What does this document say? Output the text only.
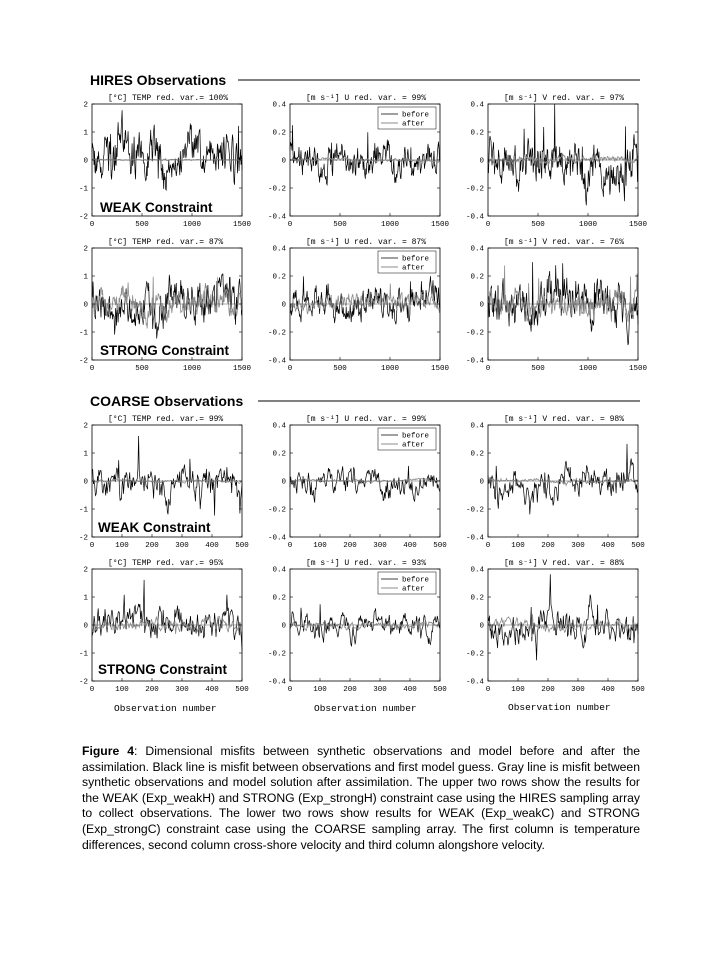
HIRES Observations
COARSE Observations
[°C] TEMP red. var.= 100%
2
1
0
-1
-2
0	500	1000	1500
[m s⁻¹] U red. var. = 99%
0.4
0.2
0
-0.2
-0.4
0	500	1000	1500
before
after
[m s⁻¹] V red. var. = 97%
0.4
0.2
0
-0.2
-0.4
0	500	1000	1500
[°C] TEMP red. var.= 87%
2
1
0
-1
-2
0	500	1000	1500
[m s⁻¹] U red. var. = 87%
0.4
0.2
0
-0.2
-0.4
0	500	1000	1500
before
after
[m s⁻¹] V red. var. = 76%
0.4
0.2
0
-0.2
-0.4
0	500	1000	1500
[°C] TEMP red. var.= 99%
2
1
0
-1
-2
0	100 200 300 400 500
[m s⁻¹] U red. var. = 99%
0.4
0.2
0
-0.2
-0.4
0	100 200 300 400 500
before
after
[m s⁻¹] V red. var. = 98%
0.4
0.2
0
-0.2
-0.4
0	100 200 300 400 500
[°C] TEMP red. var.= 95%
2
1
0
-1
-2
0	100 200 300 400 500
[m s⁻¹] U red. var. = 93%
0.4
0.2
0
-0.2
-0.4
0	100 200 300 400 500
before
after
[m s⁻¹] V red. var. = 88%
0.4
0.2
0
-0.2
-0.4
0	100 200 300 400 500
WEAK Constraint
STRONG Constraint
WEAK Constraint
STRONG Constraint
Observation number	Observation number	Observation number

Figure 4: Dimensional misfits between synthetic observations and model before and after the assimilation. Black line is misfit between observations and first model guess. Gray line is misfit between synthetic observations and model solution after assimilation. The upper two rows show the results for the WEAK (Exp_weakH) and STRONG (Exp_strongH) constraint case using the HIRES sampling array to collect observations. The lower two rows show results for WEAK (Exp_weakC) and STRONG (Exp_strongC) constraint case using the COARSE sampling array. The first column is temperature differences, second column cross-shore velocity and third column alongshore velocity.
